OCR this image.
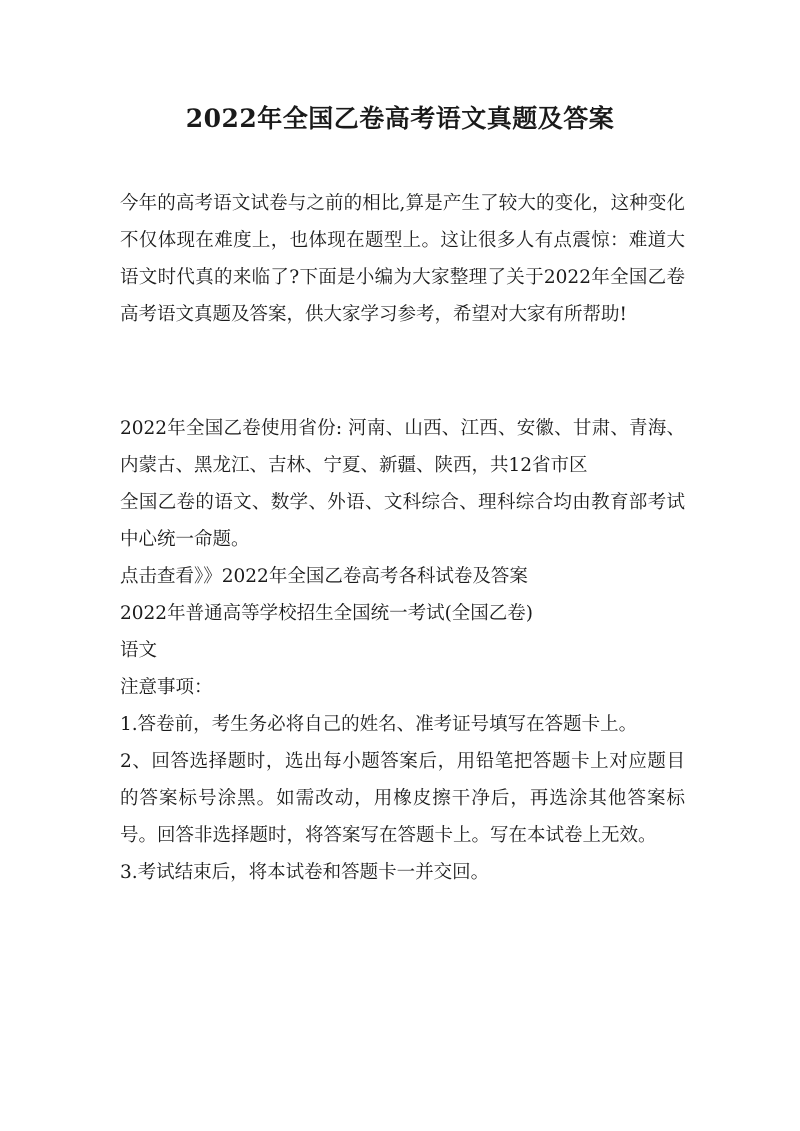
2022年全国乙卷高考语文真题及答案

今年的高考语文试卷与之前的相比,算是产生了较大的变化，这种变化不仅体现在难度上，也体现在题型上。这让很多人有点震惊：难道大语文时代真的来临了?下面是小编为大家整理了关于2022年全国乙卷高考语文真题及答案，供大家学习参考，希望对大家有所帮助!

2022年全国乙卷使用省份: 河南、山西、江西、安徽、甘肃、青海、内蒙古、黑龙江、吉林、宁夏、新疆、陕西，共12省市区

全国乙卷的语文、数学、外语、文科综合、理科综合均由教育部考试中心统一命题。

点击查看》》2022年全国乙卷高考各科试卷及答案

2022年普通高等学校招生全国统一考试(全国乙卷)

语文

注意事项：

1.答卷前，考生务必将自己的姓名、准考证号填写在答题卡上。

2、回答选择题时，选出每小题答案后，用铅笔把答题卡上对应题目的答案标号涂黑。如需改动，用橡皮擦干净后，再选涂其他答案标号。回答非选择题时，将答案写在答题卡上。写在本试卷上无效。

3.考试结束后，将本试卷和答题卡一并交回。
